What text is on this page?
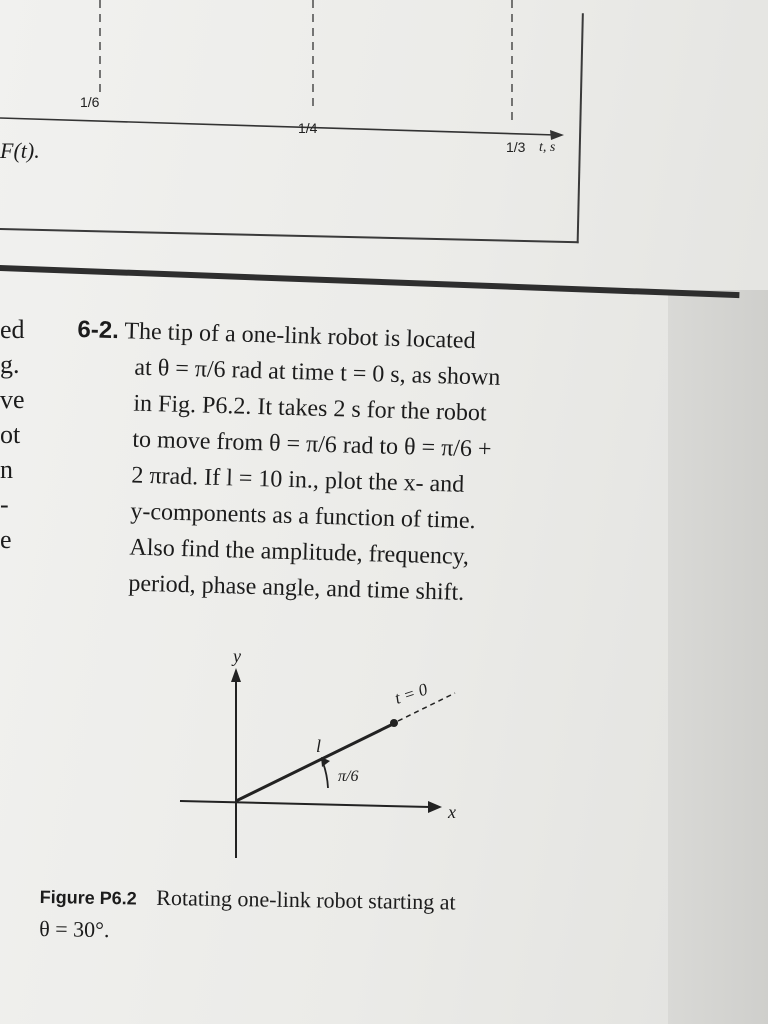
1/6
1/4
1/3 t, s
F(t).
ed
g.
ve
ot
n
-
e
6-2. The tip of a one-link robot is located
at θ = π/6 rad at time t = 0 s, as shown
in Fig. P6.2. It takes 2 s for the robot
to move from θ = π/6 rad to θ = π/6 +
2 πrad. If l = 10 in., plot the x- and
y-components as a function of time.
Also find the amplitude, frequency,
period, phase angle, and time shift.
y
x
l
π/6
t = 0
Figure P6.2 Rotating one-link robot starting at
θ = 30°.
